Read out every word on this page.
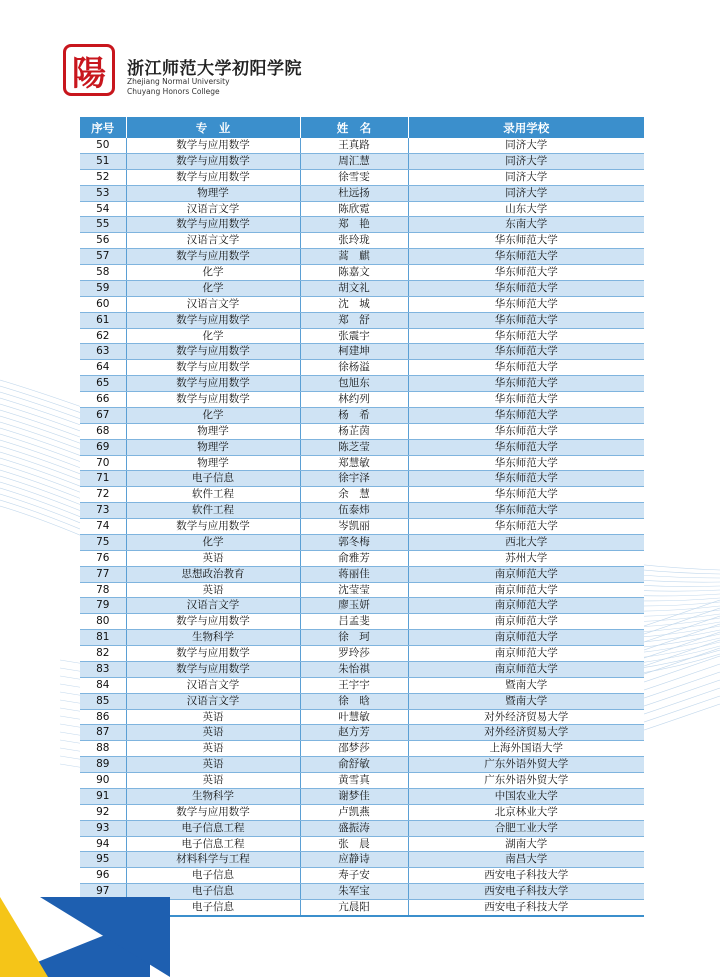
陽	浙江师范大学初阳学院
Zhejiang Normal University
Chuyang Honors College
序号	专　业	姓　名	录用学校
50	数学与应用数学	王真路	同济大学
51	数学与应用数学	周汇慧	同济大学
52	数学与应用数学	徐雪雯	同济大学
53	物理学	杜远扬	同济大学
54	汉语言文学	陈欣霓	山东大学
55	数学与应用数学	郑　艳	东南大学
56	汉语言文学	张玲珑	华东师范大学
57	数学与应用数学	蒿　麒	华东师范大学
58	化学	陈嘉文	华东师范大学
59	化学	胡文礼	华东师范大学
60	汉语言文学	沈　城	华东师范大学
61	数学与应用数学	郑　舒	华东师范大学
62	化学	张震宇	华东师范大学
63	数学与应用数学	柯建坤	华东师范大学
64	数学与应用数学	徐杨溢	华东师范大学
65	数学与应用数学	包旭东	华东师范大学
66	数学与应用数学	林约列	华东师范大学
67	化学	杨　希	华东师范大学
68	物理学	杨芷茵	华东师范大学
69	物理学	陈芝莹	华东师范大学
70	物理学	郑慧敏	华东师范大学
71	电子信息	徐宇泽	华东师范大学
72	软件工程	余　慧	华东师范大学
73	软件工程	伍泰炜	华东师范大学
74	数学与应用数学	岑凯丽	华东师范大学
75	化学	郭冬梅	西北大学
76	英语	俞雅芳	苏州大学
77	思想政治教育	蒋丽佳	南京师范大学
78	英语	沈莹莹	南京师范大学
79	汉语言文学	廖玉妍	南京师范大学
80	数学与应用数学	吕孟斐	南京师范大学
81	生物科学	徐　珂	南京师范大学
82	数学与应用数学	罗玲莎	南京师范大学
83	数学与应用数学	朱怡祺	南京师范大学
84	汉语言文学	王宇宇	暨南大学
85	汉语言文学	徐　晗	暨南大学
86	英语	叶慧敏	对外经济贸易大学
87	英语	赵方芳	对外经济贸易大学
88	英语	邵梦莎	上海外国语大学
89	英语	俞舒敏	广东外语外贸大学
90	英语	黄雪真	广东外语外贸大学
91	生物科学	谢梦佳	中国农业大学
92	数学与应用数学	卢凯燕	北京林业大学
93	电子信息工程	盛振涛	合肥工业大学
94	电子信息工程	张　晨	湖南大学
95	材料科学与工程	应静诗	南昌大学
96	电子信息	寿子安	西安电子科技大学
97	电子信息	朱军宝	西安电子科技大学
98	电子信息	亢晨阳	西安电子科技大学
